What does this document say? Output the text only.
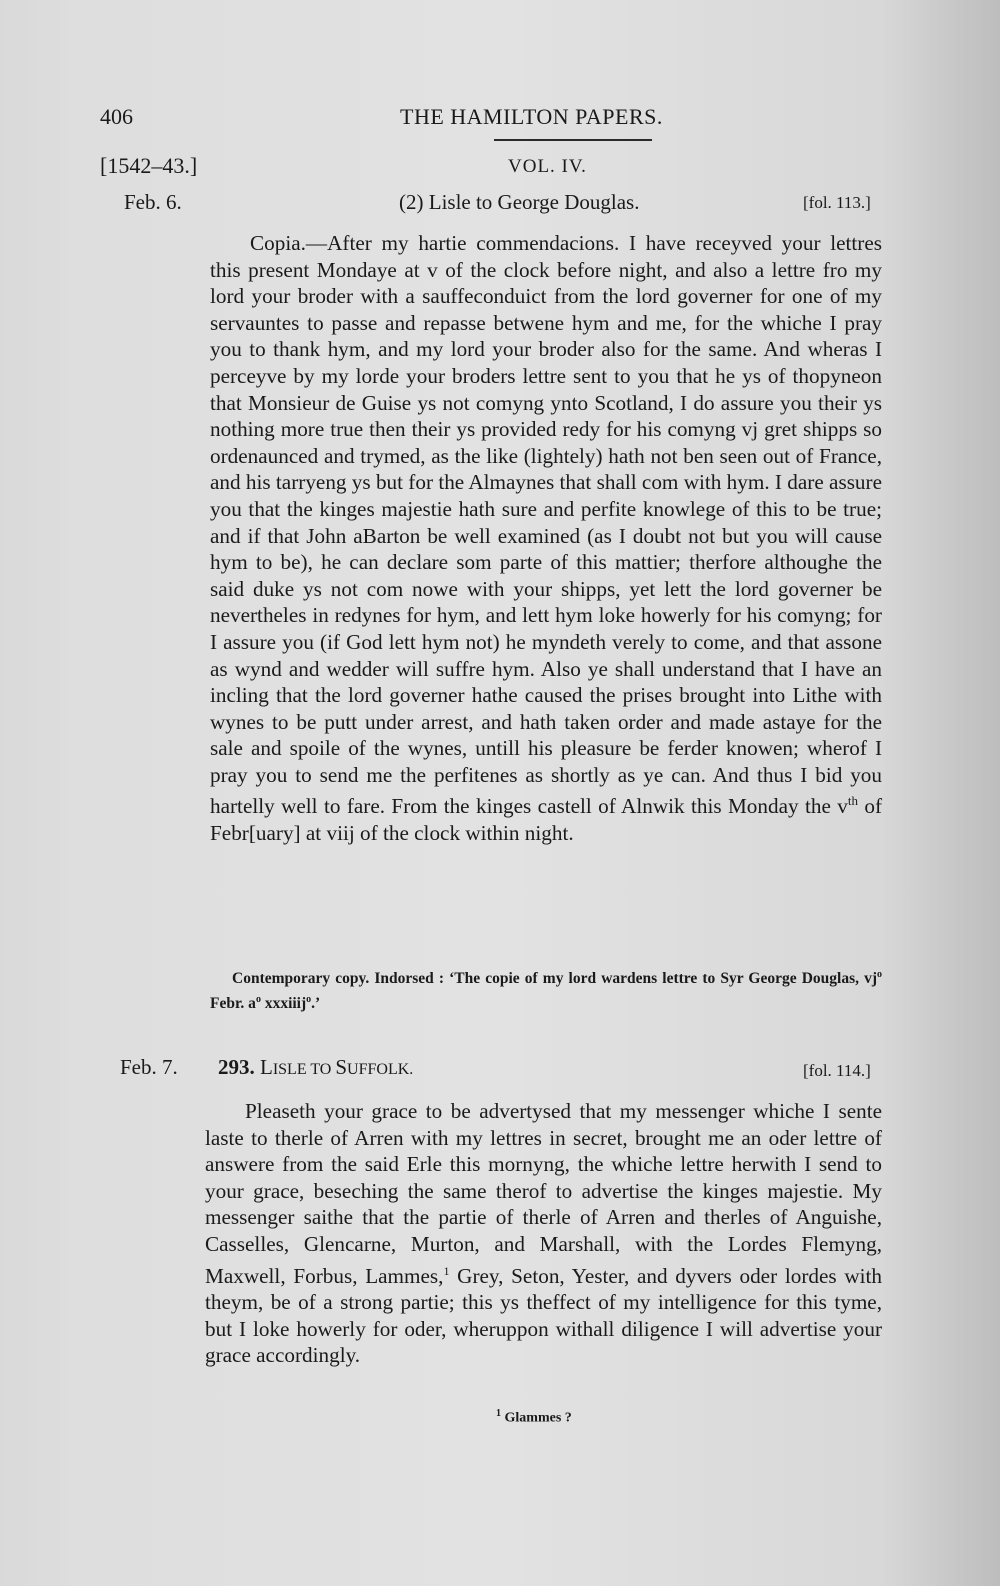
406	THE HAMILTON PAPERS.
[1542–43.]	VOL. IV.
Feb. 6.	(2) Lisle to George Douglas.	[fol. 113.]

Copia.—After my hartie commendacions. I have receyved your lettres this present Mondaye at v of the clock before night, and also a lettre fro my lord your broder with a sauffeconduict from the lord governer for one of my servauntes to passe and repasse betwene hym and me, for the whiche I pray you to thank hym, and my lord your broder also for the same. And wheras I perceyve by my lorde your broders lettre sent to you that he ys of thopyneon that Monsieur de Guise ys not comyng ynto Scotland, I do assure you their ys nothing more true then their ys provided redy for his comyng vj gret shipps so ordenaunced and trymed, as the like (lightely) hath not ben seen out of France, and his tarryeng ys but for the Almaynes that shall com with hym. I dare assure you that the kinges majestie hath sure and perfite knowlege of this to be true; and if that John aBarton be well examined (as I doubt not but you will cause hym to be), he can declare som parte of this mattier; therfore althoughe the said duke ys not com nowe with your shipps, yet lett the lord governer be nevertheles in redynes for hym, and lett hym loke howerly for his comyng; for I assure you (if God lett hym not) he myndeth verely to come, and that assone as wynd and wedder will suffre hym. Also ye shall understand that I have an incling that the lord governer hathe caused the prises brought into Lithe with wynes to be putt under arrest, and hath taken order and made astaye for the sale and spoile of the wynes, untill his pleasure be ferder knowen; wherof I pray you to send me the perfitenes as shortly as ye can. And thus I bid you hartelly well to fare. From the kinges castell of Alnwik this Monday the $v^{th}$ of Febr[uary] at viij of the clock within night.

Contemporary copy. Indorsed : ‘The copie of my lord wardens lettre to Syr George Douglas, $vj^o$ Febr. $a^o$ xxxiiij$^o$.’

Feb. 7. 293. LISLE TO SUFFOLK.	[fol. 114.]

Pleaseth your grace to be advertysed that my messenger whiche I sente laste to therle of Arren with my lettres in secret, brought me an oder lettre of answere from the said Erle this mornyng, the whiche lettre herwith I send to your grace, beseching the same therof to advertise the kinges majestie. My messenger saithe that the partie of therle of Arren and therles of Anguishe, Casselles, Glencarne, Murton, and Marshall, with the Lordes Flemyng, Maxwell, Forbus, Lammes,$^1$ Grey, Seton, Yester, and dyvers oder lordes with theym, be of a strong partie; this ys theffect of my intelligence for this tyme, but I loke howerly for oder, wheruppon withall diligence I will advertise your grace accordingly.

$^1$ Glammes ?
